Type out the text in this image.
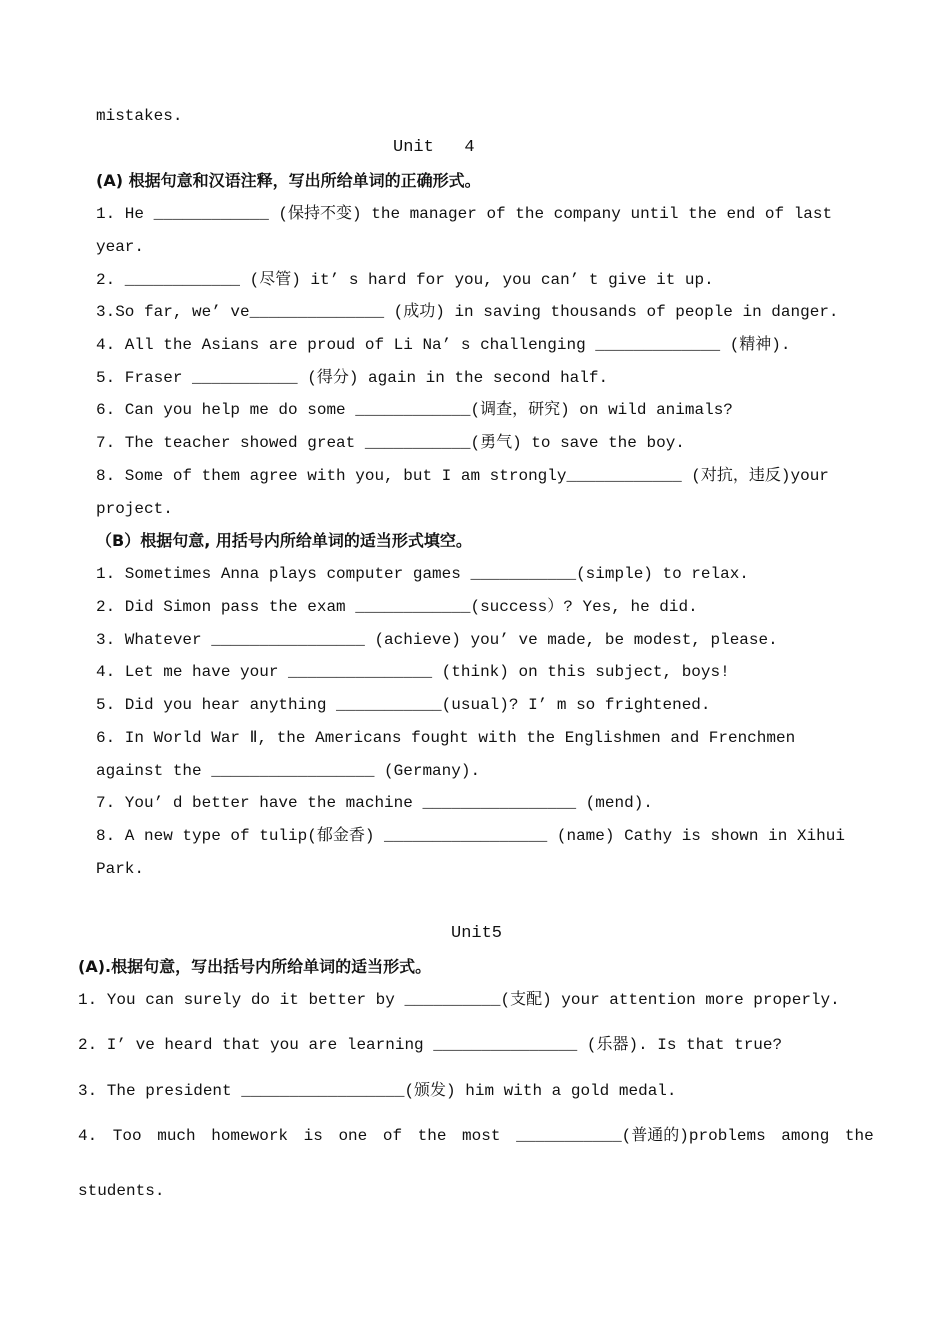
mistakes.
Unit   4
(A) 根据句意和汉语注释，写出所给单词的正确形式。
1. He ____________ (保持不变) the manager of the company until the end of last
year.
2. ____________ (尽管) it’ s hard for you, you can’ t give it up.
3.So far, we’ ve______________ (成功) in saving thousands of people in danger.
4. All the Asians are proud of Li Na’ s challenging _____________ (精神).
5. Fraser ___________ (得分) again in the second half.
6. Can you help me do some ____________(调查，研究) on wild animals?
7. The teacher showed great ___________(勇气) to save the boy.
8. Some of them agree with you, but I am strongly____________ (对抗，违反)your
project.
（B）根据句意, 用括号内所给单词的适当形式填空。
1. Sometimes Anna plays computer games ___________(simple) to relax.
2. Did Simon pass the exam ____________(success）? Yes, he did.
3. Whatever ________________ (achieve) you’ ve made, be modest, please.
4. Let me have your _______________ (think) on this subject, boys!
5. Did you hear anything ___________(usual)? I’ m so frightened.
6. In World War Ⅱ, the Americans fought with the Englishmen and Frenchmen
against the _________________ (Germany).
7. You’ d better have the machine ________________ (mend).
8. A new type of tulip(郁金香) _________________ (name) Cathy is shown in Xihui
Park.
Unit5
(A).根据句意，写出括号内所给单词的适当形式。
1. You can surely do it better by __________(支配) your attention more properly.
2. I’ ve heard that you are learning _______________ (乐器). Is that true?
3. The president _________________(颁发) him with a gold medal.
4. Too much homework is one of the most ___________(普通的)problems among the
students.
